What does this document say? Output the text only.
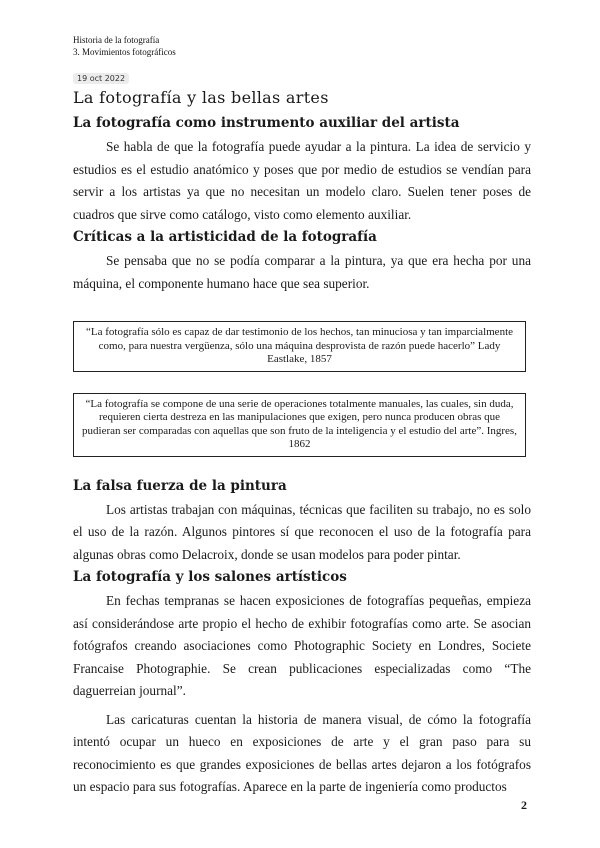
Historia de la fotografía
3. Movimientos fotográficos
19 oct 2022
La fotografía y las bellas artes
La fotografía como instrumento auxiliar del artista

Se habla de que la fotografía puede ayudar a la pintura. La idea de servicio y estudios es el estudio anatómico y poses que por medio de estudios se vendían para servir a los artistas ya que no necesitan un modelo claro. Suelen tener poses de cuadros que sirve como catálogo, visto como elemento auxiliar.

Críticas a la artisticidad de la fotografía

Se pensaba que no se podía comparar a la pintura, ya que era hecha por una máquina, el componente humano hace que sea superior.

“La fotografía sólo es capaz de dar testimonio de los hechos, tan minuciosa y tan imparcialmente como, para nuestra vergüenza, sólo una máquina desprovista de razón puede hacerlo” Lady Eastlake, 1857
“La fotografía se compone de una serie de operaciones totalmente manuales, las cuales, sin duda, requieren cierta destreza en las manipulaciones que exigen, pero nunca producen obras que pudieran ser comparadas con aquellas que son fruto de la inteligencia y el estudio del arte”. Ingres, 1862
La falsa fuerza de la pintura

Los artistas trabajan con máquinas, técnicas que faciliten su trabajo, no es solo el uso de la razón. Algunos pintores sí que reconocen el uso de la fotografía para algunas obras como Delacroix, donde se usan modelos para poder pintar.

La fotografía y los salones artísticos

En fechas tempranas se hacen exposiciones de fotografías pequeñas, empieza así considerándose arte propio el hecho de exhibir fotografías como arte. Se asocian fotógrafos creando asociaciones como Photographic Society en Londres, Societe Francaise Photographie. Se crean publicaciones especializadas como “The daguerreian journal”.

Las caricaturas cuentan la historia de manera visual, de cómo la fotografía intentó ocupar un hueco en exposiciones de arte y el gran paso para su reconocimiento es que grandes exposiciones de bellas artes dejaron a los fotógrafos un espacio para sus fotografías. Aparece en la parte de ingeniería como productos

2
